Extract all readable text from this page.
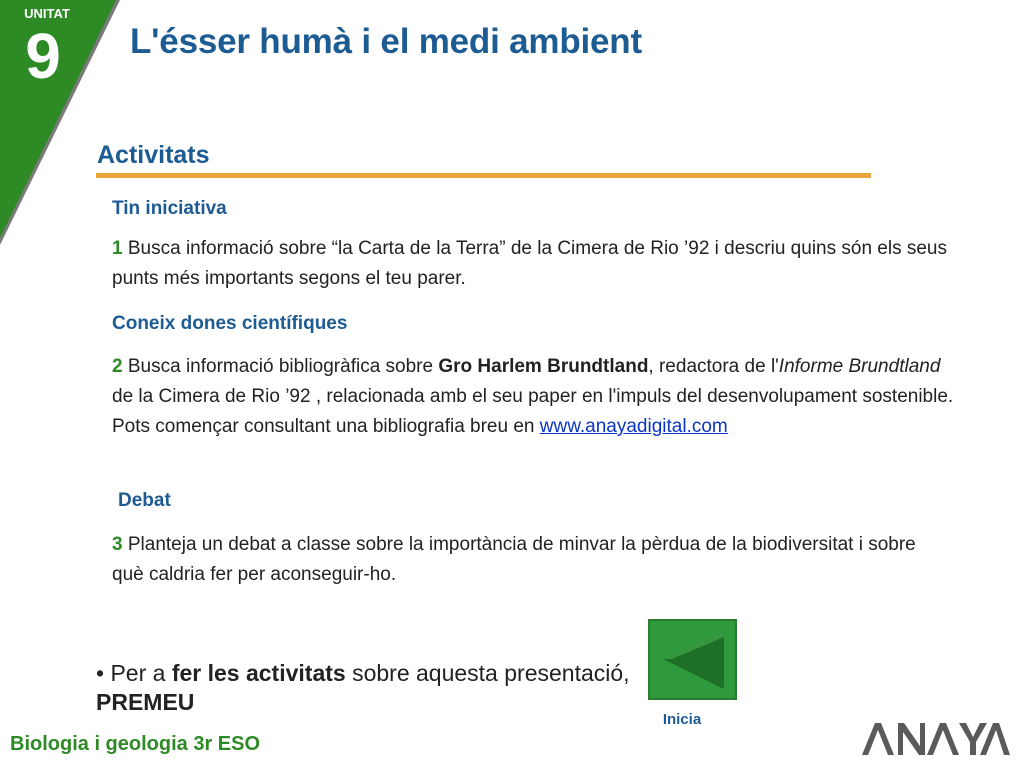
UNITAT
9 L'ésser humà i el medi ambient
Activitats
Tin iniciativa
1 Busca informació sobre “la Carta de la Terra” de la Cimera de Rio ’92 i descriu quins són els seus punts més importants segons el teu parer.
Coneix dones científiques
2 Busca informació bibliogràfica sobre Gro Harlem Brundtland, redactora de l'Informe Brundtland de la Cimera de Rio ’92 , relacionada amb el seu paper en l'impuls del desenvolupament sostenible. Pots començar consultant una bibliografia breu en www.anayadigital.com
Debat
3 Planteja un debat a classe sobre la importància de minvar la pèrdua de la biodiversitat i sobre què caldria fer per aconseguir-ho.
• Per a fer les activitats sobre aquesta presentació,
PREMEU
Inicia
Biologia i geologia 3r ESO
